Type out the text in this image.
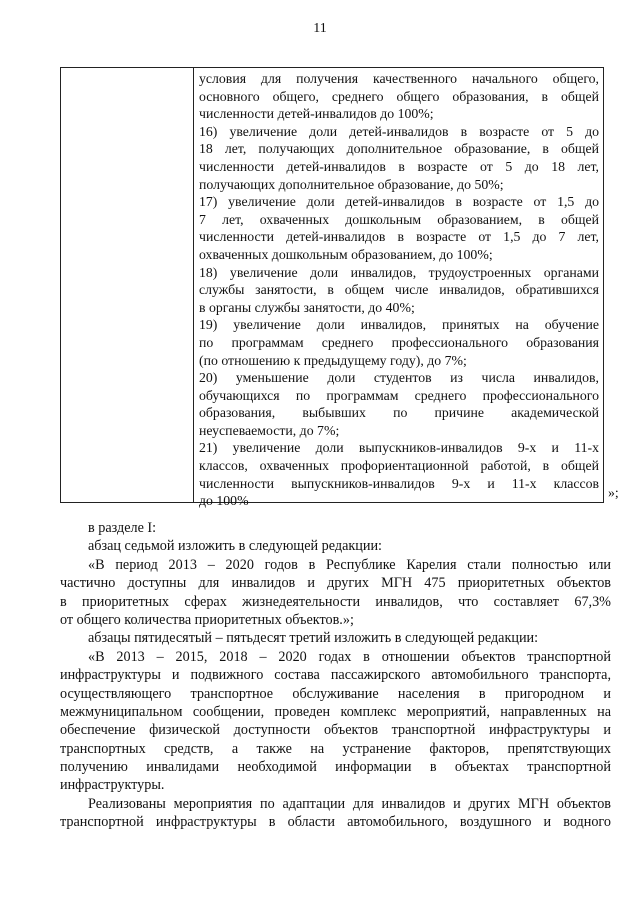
11
условия для получения качественного начального общего,
основного общего, среднего общего образования, в общей
численности детей-инвалидов до 100%;
16) увеличение доли детей-инвалидов в возрасте от 5 до
18 лет, получающих дополнительное образование, в общей
численности детей-инвалидов в возрасте от 5 до 18 лет,
получающих дополнительное образование, до 50%;
17) увеличение доли детей-инвалидов в возрасте от 1,5 до
7 лет, охваченных дошкольным образованием, в общей
численности детей-инвалидов в возрасте от 1,5 до 7 лет,
охваченных дошкольным образованием, до 100%;
18) увеличение доли инвалидов, трудоустроенных органами
службы занятости, в общем числе инвалидов, обратившихся
в органы службы занятости, до 40%;
19) увеличение доли инвалидов, принятых на обучение
по программам среднего профессионального образования
(по отношению к предыдущему году), до 7%;
20) уменьшение доли студентов из числа инвалидов,
обучающихся по программам среднего профессионального
образования, выбывших по причине академической
неуспеваемости, до 7%;
21) увеличение доли выпускников-инвалидов 9-х и 11-х
классов, охваченных профориентационной работой, в общей
численности выпускников-инвалидов 9-х и 11-х классов
до 100%
»;
в разделе I:
абзац седьмой изложить в следующей редакции:
«В период 2013 – 2020 годов в Республике Карелия стали полностью или
частично доступны для инвалидов и других МГН 475 приоритетных объектов
в приоритетных сферах жизнедеятельности инвалидов, что составляет 67,3%
от общего количества приоритетных объектов.»;
абзацы пятидесятый – пятьдесят третий изложить в следующей редакции:
«В 2013 – 2015, 2018 – 2020 годах в отношении объектов транспортной
инфраструктуры и подвижного состава пассажирского автомобильного транспорта,
осуществляющего транспортное обслуживание населения в пригородном и
межмуниципальном сообщении, проведен комплекс мероприятий, направленных на
обеспечение физической доступности объектов транспортной инфраструктуры и
транспортных средств, а также на устранение факторов, препятствующих
получению инвалидами необходимой информации в объектах транспортной
инфраструктуры.
Реализованы мероприятия по адаптации для инвалидов и других МГН объектов
транспортной инфраструктуры в области автомобильного, воздушного и водного
